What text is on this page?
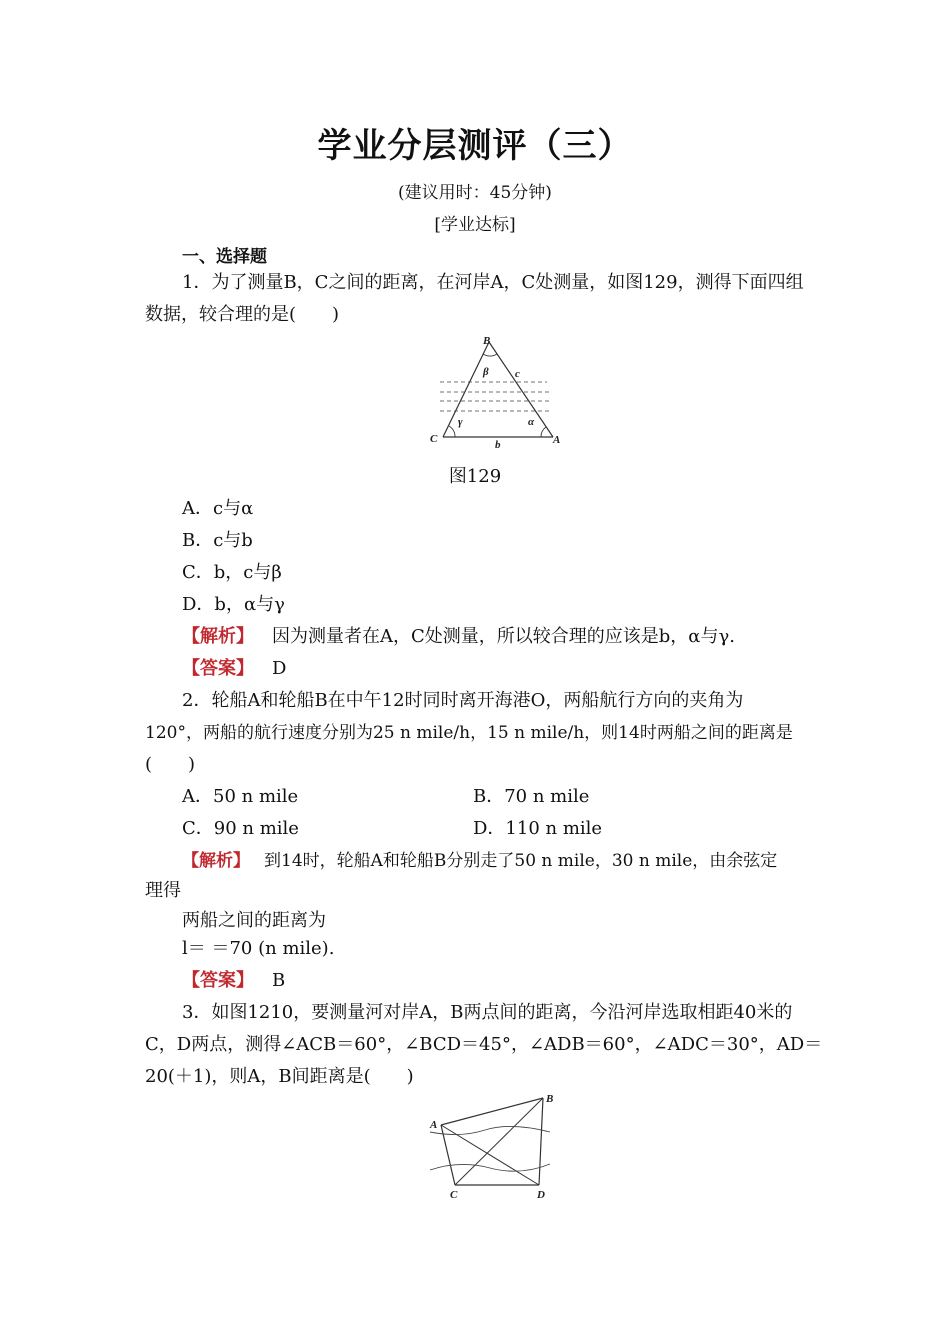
学业分层测评（三）
(建议用时：45分钟)
[学业达标]
一、选择题
1．为了测量B，C之间的距离，在河岸A，C处测量，如图129，测得下面四组
数据，较合理的是(　　)
B
C	A
β
γ	α
c
b
图129
A．c与α
B．c与b
C．b，c与β
D．b，α与γ
【解析】 因为测量者在A，C处测量，所以较合理的应该是b，α与γ.
【答案】 D
2．轮船A和轮船B在中午12时同时离开海港O，两船航行方向的夹角为
120°，两船的航行速度分别为25 n mile/h，15 n mile/h，则14时两船之间的距离是
(　　)
A．50 n mile	B．70 n mile
C．90 n mile	D．110 n mile
【解析】 到14时，轮船A和轮船B分别走了50 n mile，30 n mile，由余弦定
理得
两船之间的距离为
l＝ ＝70 (n mile).
【答案】 B
3．如图1210，要测量河对岸A，B两点间的距离，今沿河岸选取相距40米的
C，D两点，测得∠ACB＝60°，∠BCD＝45°，∠ADB＝60°，∠ADC＝30°，AD＝
20(＋1)，则A，B间距离是(　　)
A
B
C	D
